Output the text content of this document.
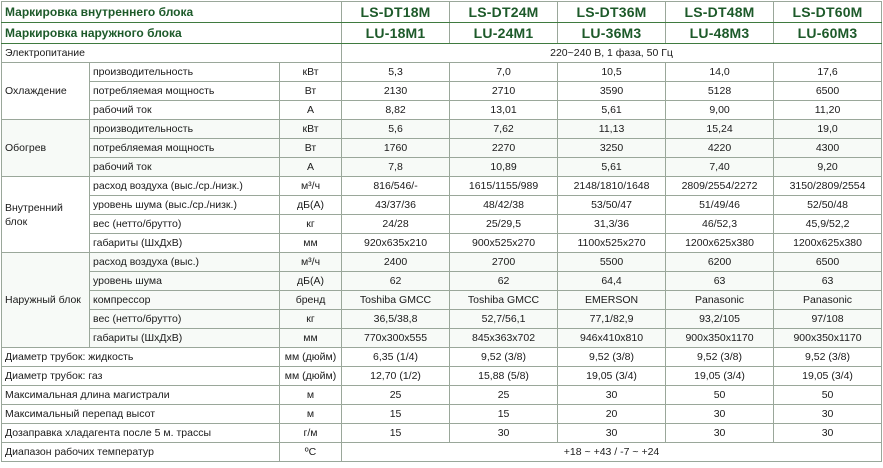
Маркировка внутреннего блока			LS-DT18M	LS-DT24M	LS-DT36M	LS-DT48M	LS-DT60M
Маркировка наружного блока			LU-18M1	LU-24M1	LU-36M3	LU-48M3	LU-60M3
Электропитание			220~240 В, 1 фаза, 50 Гц				
Охлаждение	производительность	кВт	5,3	7,0	10,5	14,0	17,6
	потребляемая мощность	Вт	2130	2710	3590	5128	6500
	рабочий ток	А	8,82	13,01	5,61	9,00	11,20
Обогрев	производительность	кВт	5,6	7,62	11,13	15,24	19,0
	потребляемая мощность	Вт	1760	2270	3250	4220	4300
	рабочий ток	А	7,8	10,89	5,61	7,40	9,20
Внутренний блок	расход воздуха (выс./ср./низк.)	м³/ч	816/546/-	1615/1155/989	2148/1810/1648	2809/2554/2272	3150/2809/2554
	уровень шума (выс./ср./низк.)	дБ(А)	43/37/36	48/42/38	53/50/47	51/49/46	52/50/48
	вес (нетто/брутто)	кг	24/28	25/29,5	31,3/36	46/52,3	45,9/52,2
	габариты (ШхДхВ)	мм	920х635х210	900х525х270	1100х525х270	1200х625х380	1200х625х380
Наружный блок	расход воздуха (выс.)	м³/ч	2400	2700	5500	6200	6500
	уровень шума	дБ(А)	62	62	64,4	63	63
	компрессор	бренд	Toshiba GMCC	Toshiba GMCC	EMERSON	Panasonic	Panasonic
	вес (нетто/брутто)	кг	36,5/38,8	52,7/56,1	77,1/82,9	93,2/105	97/108
	габариты (ШхДхВ)	мм	770х300х555	845х363х702	946х410х810	900х350х1170	900х350х1170
Диаметр трубок: жидкость		мм (дюйм)	6,35 (1/4)	9,52 (3/8)	9,52 (3/8)	9,52 (3/8)	9,52 (3/8)
Диаметр трубок: газ		мм (дюйм)	12,70 (1/2)	15,88 (5/8)	19,05 (3/4)	19,05 (3/4)	19,05 (3/4)
Максимальная длина магистрали		м	25	25	30	50	50
Максимальный перепад высот		м	15	15	20	30	30
Дозаправка хладагента после 5 м. трассы		г/м	15	30	30	30	30
Диапазон рабочих температур		ºС	+18 ~ +43 / -7 ~ +24				
